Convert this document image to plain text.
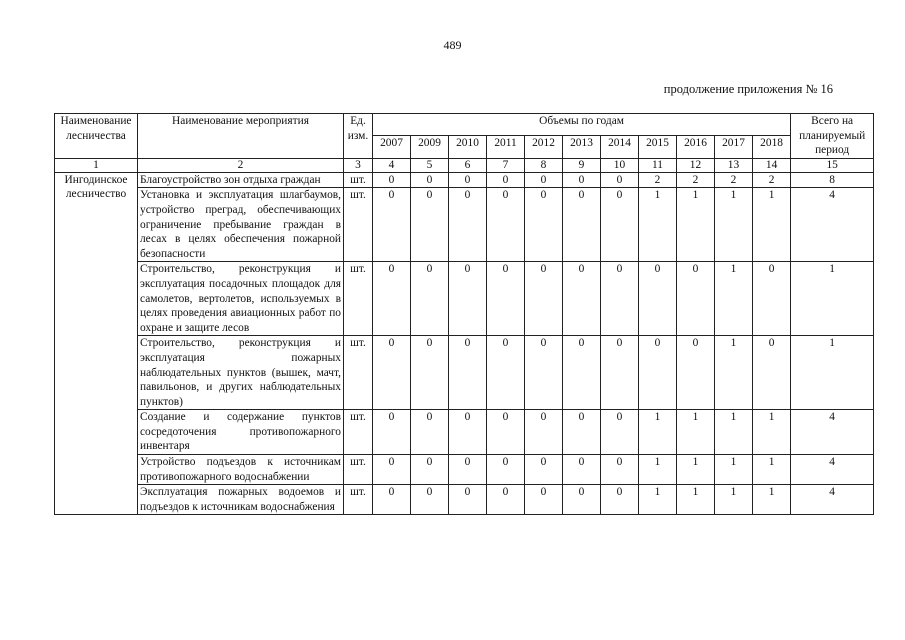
489
продолжение приложения № 16
Наименование лесничества	Наименование мероприятия	Ед. изм.	Объемы по годам											Всего на планируемый период
			2007	2009	2010	2011	2012	2013	2014	2015	2016	2017	2018	
1	2	3	4	5	6	7	8	9	10	11	12	13	14	15
Ингодинское лесничество	Благоустройство зон отдыха граждан	шт.	0	0	0	0	0	0	0	2	2	2	2	8
	Установка и эксплуатация шлагбаумов, устройство преград, обеспечивающих ограничение пребывание граждан в лесах в целях обеспечения пожарной безопасности	шт.	0	0	0	0	0	0	0	1	1	1	1	4
	Строительство, реконструкция и эксплуатация посадочных площадок для самолетов, вертолетов, используемых в целях проведения авиационных работ по охране и защите лесов	шт.	0	0	0	0	0	0	0	0	0	1	0	1
	Строительство, реконструкция и эксплуатация пожарных наблюдательных пунктов (вышек, мачт, павильонов, и других наблюдательных пунктов)	шт.	0	0	0	0	0	0	0	0	0	1	0	1
	Создание и содержание пунктов сосредоточения противопожарного инвентаря	шт.	0	0	0	0	0	0	0	1	1	1	1	4
	Устройство подъездов к источникам противопожарного водоснабжении	шт.	0	0	0	0	0	0	0	1	1	1	1	4
	Эксплуатация пожарных водоемов и подъездов к источникам водоснабжения	шт.	0	0	0	0	0	0	0	1	1	1	1	4
